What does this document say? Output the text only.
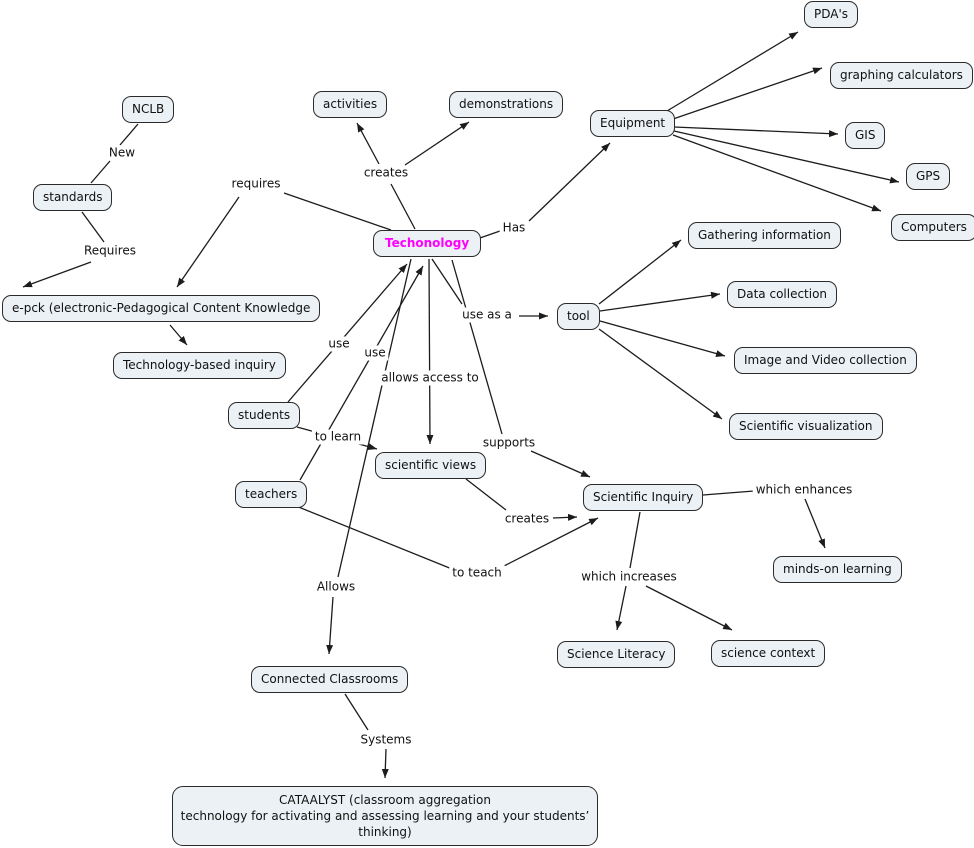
NCLB
standards
e-pck (electronic-Pedagogical Content Knowledge
Technology-based inquiry
activities	demonstrations
Equipment
PDA's
graphing calculators
GIS
GPS
Computers
Techonology
tool
Gathering information
Data collection
Image and Video collection
Scientific visualization
students
scientific views
teachers	Scientific Inquiry
minds-on learning
Science Literacy	science context
Connected Classrooms
CATAALYST (classroom aggregation
technology for activating and assessing learning and your students’
thinking)
New
Requires
requires
creates
Has
use
use
allows access to
use as a
to learn	supports
creates
to teach
which enhances
which increases
Allows
Systems
